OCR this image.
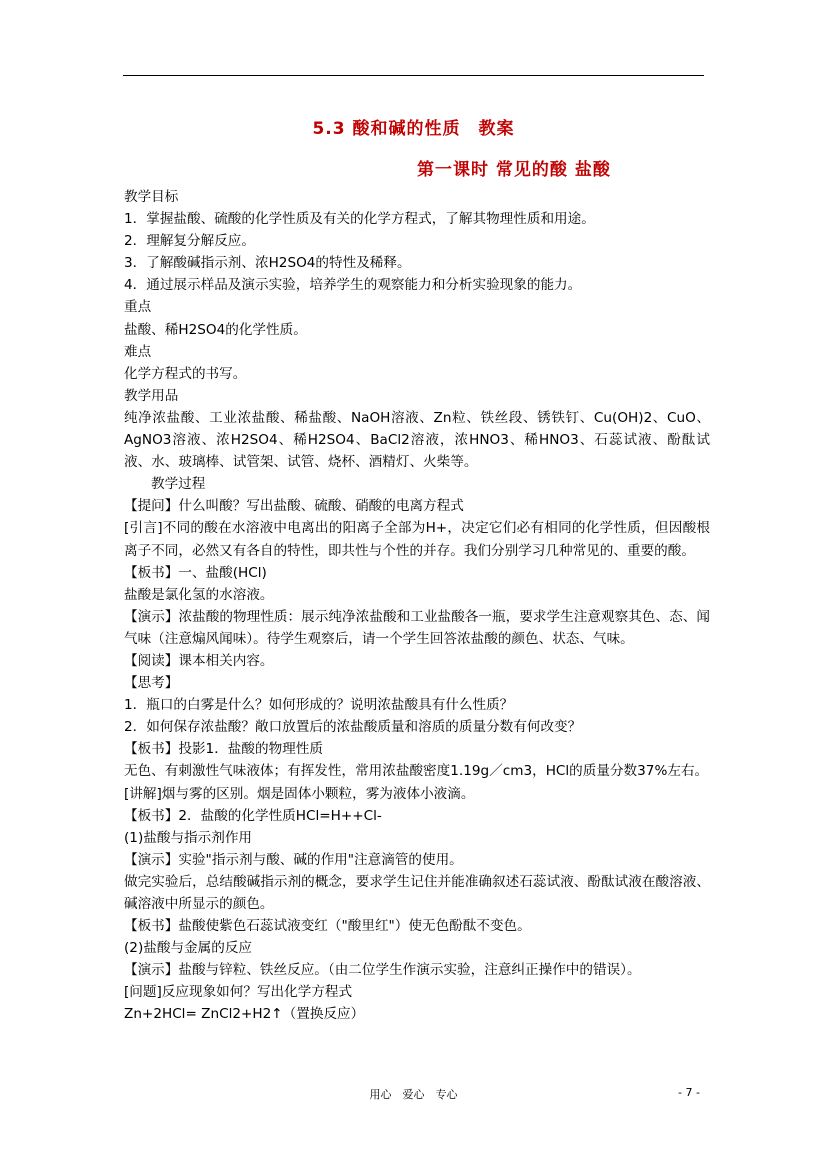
5.3 酸和碱的性质　教案
第一课时 常见的酸 盐酸

教学目标

1．掌握盐酸、硫酸的化学性质及有关的化学方程式，了解其物理性质和用途。

2．理解复分解反应。

3．了解酸碱指示剂、浓H2SO4的特性及稀释。

4．通过展示样品及演示实验，培养学生的观察能力和分析实验现象的能力。

重点

盐酸、稀H2SO4的化学性质。

难点

化学方程式的书写。

教学用品

纯净浓盐酸、工业浓盐酸、稀盐酸、NaOH溶液、Zn粒、铁丝段、锈铁钉、Cu(OH)2、CuO、AgNO3溶液、浓H2SO4、稀H2SO4、BaCl2溶液，浓HNO3、稀HNO3、石蕊试液、酚酞试液、水、玻璃棒、试管架、试管、烧杯、酒精灯、火柴等。

教学过程

【提问】什么叫酸？写出盐酸、硫酸、硝酸的电离方程式

[引言]不同的酸在水溶液中电离出的阳离子全部为H+，决定它们必有相同的化学性质，但因酸根离子不同，必然又有各自的特性，即共性与个性的并存。我们分别学习几种常见的、重要的酸。

【板书】一、盐酸(HCl)

盐酸是氯化氢的水溶液。

【演示】浓盐酸的物理性质：展示纯净浓盐酸和工业盐酸各一瓶，要求学生注意观察其色、态、闻气味（注意煽风闻味）。待学生观察后，请一个学生回答浓盐酸的颜色、状态、气味。

【阅读】课本相关内容。

【思考】

1．瓶口的白雾是什么？如何形成的？说明浓盐酸具有什么性质？

2．如何保存浓盐酸？敞口放置后的浓盐酸质量和溶质的质量分数有何改变？

【板书】投影1．盐酸的物理性质

无色、有刺激性气味液体；有挥发性，常用浓盐酸密度1.19g／cm3，HCl的质量分数37%左右。

[讲解]烟与雾的区别。烟是固体小颗粒，雾为液体小液滴。

【板书】2．盐酸的化学性质HCl=H++Cl-

(1)盐酸与指示剂作用

【演示】实验"指示剂与酸、碱的作用"注意滴管的使用。

做完实验后，总结酸碱指示剂的概念，要求学生记住并能准确叙述石蕊试液、酚酞试液在酸溶液、碱溶液中所显示的颜色。

【板书】盐酸使紫色石蕊试液变红（"酸里红"）使无色酚酞不变色。

(2)盐酸与金属的反应

【演示】盐酸与锌粒、铁丝反应。（由二位学生作演示实验，注意纠正操作中的错误）。

[问题]反应现象如何？写出化学方程式

Zn+2HCl= ZnCl2+H2↑（置换反应）

用心　爱心　专心	- 7 -
